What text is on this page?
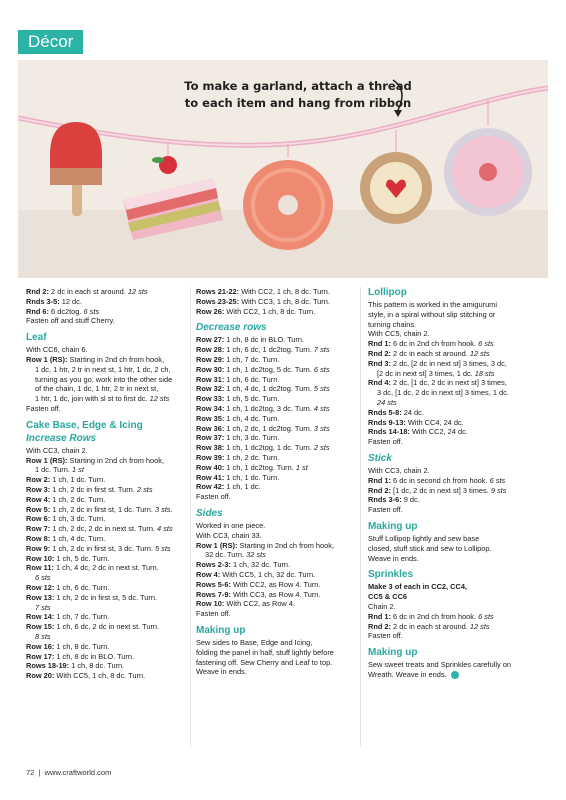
Décor
To make a garland, attach a thread
to each item and hang from ribbon

Rnd 2: 2 dc in each st around. 12 sts

Rnds 3-5: 12 dc.

Rnd 6: 6 dc2tog. 6 sts

Fasten off and stuff Cherry.

Leaf

With CC6, chain 6.

Row 1 (RS): Starting in 2nd ch from hook,

1 dc, 1 htr, 2 tr in next st, 1 htr, 1 dc, 2 ch,

turning as you go, work into the other side

of the chain, 1 dc, 1 htr, 2 tr in next st,

1 htr, 1 dc, join with sl st to first dc. 12 sts

Fasten off.

Cake Base, Edge & Icing
Increase Rows

With CC3, chain 2.

Row 1 (RS): Starting in 2nd ch from hook,

1 dc. Turn. 1 st

Row 2: 1 ch, 1 dc. Turn.

Row 3: 1 ch, 2 dc in first st. Turn. 2 sts

Row 4: 1 ch, 2 dc. Turn.

Row 5: 1 ch, 2 dc in first st, 1 dc. Turn. 3 sts.

Row 6: 1 ch, 3 dc. Turn.

Row 7: 1 ch, 2 dc, 2 dc in next st. Turn. 4 sts

Row 8: 1 ch, 4 dc. Turn.

Row 9: 1 ch, 2 dc in first st, 3 dc. Turn. 5 sts

Row 10: 1 ch, 5 dc. Turn.

Row 11: 1 ch, 4 dc, 2 dc in next st. Turn.

6 sts

Row 12: 1 ch, 6 dc. Turn.

Row 13: 1 ch, 2 dc in first st, 5 dc. Turn.

7 sts

Row 14: 1 ch, 7 dc. Turn.

Row 15: 1 ch, 6 dc, 2 dc in next st. Turn.

8 sts

Row 16: 1 ch, 8 dc. Turn.

Row 17: 1 ch, 8 dc in BLO. Turn.

Rows 18-19: 1 ch, 8 dc. Turn.

Row 20: With CC5, 1 ch, 8 dc. Turn.

Rows 21-22: With CC2, 1 ch, 8 dc. Turn.

Rows 23-25: With CC3, 1 ch, 8 dc. Turn.

Row 26: With CC2, 1 ch, 8 dc. Turn.

Decrease rows

Row 27: 1 ch, 8 dc in BLO. Turn.

Row 28: 1 ch, 6 dc, 1 dc2tog. Turn. 7 sts

Row 29: 1 ch, 7 dc. Turn.

Row 30: 1 ch, 1 dc2tog, 5 dc. Turn. 6 sts

Row 31: 1 ch, 6 dc. Turn.

Row 32: 1 ch, 4 dc, 1 dc2tog. Turn. 5 sts

Row 33: 1 ch, 5 dc. Turn.

Row 34: 1 ch, 1 dc2tog, 3 dc. Turn. 4 sts

Row 35: 1 ch, 4 dc. Turn.

Row 36: 1 ch, 2 dc, 1 dc2tog. Turn. 3 sts

Row 37: 1 ch, 3 dc. Turn.

Row 38: 1 ch, 1 dc2tog, 1 dc. Turn. 2 sts

Row 39: 1 ch, 2 dc. Turn.

Row 40: 1 ch, 1 dc2tog. Turn. 1 st

Row 41: 1 ch, 1 dc. Turn.

Row 42: 1 ch, 1 dc.

Fasten off.

Sides

Worked in one piece.

With CC3, chain 33.

Row 1 (RS): Starting in 2nd ch from hook,

32 dc. Turn. 32 sts

Rows 2-3: 1 ch, 32 dc. Turn.

Row 4: With CC5, 1 ch, 32 dc. Turn.

Rows 5-6: With CC2, as Row 4. Turn.

Rows 7-9: With CC3, as Row 4. Turn.

Row 10: With CC2, as Row 4.

Fasten off.

Making up

Sew sides to Base, Edge and Icing,

folding the panel in half, stuff lightly before

fastening off. Sew Cherry and Leaf to top.

Weave in ends.

Lollipop

This pattern is worked in the amigurumi

style, in a spiral without slip stitching or

turning chains.

With CC5, chain 2.

Rnd 1: 6 dc in 2nd ch from hook. 6 sts

Rnd 2: 2 dc in each st around. 12 sts

Rnd 3: 2 dc, [2 dc in next st] 3 times, 3 dc,

[2 dc in next st] 3 times, 1 dc. 18 sts

Rnd 4: 2 dc, [1 dc, 2 dc in next st] 3 times,

3 dc, [1 dc, 2 dc in next st] 3 times, 1 dc.

24 sts

Rnds 5-8: 24 dc.

Rnds 9-13: With CC4, 24 dc.

Rnds 14-18: With CC2, 24 dc.

Fasten off.

Stick

With CC3, chain 2.

Rnd 1: 6 dc in second ch from hook. 6 sts

Rnd 2: [1 dc, 2 dc in next st] 3 times. 9 sts

Rnds 3-6: 9 dc.

Fasten off.

Making up

Stuff Lollipop lightly and sew base

closed, stuff stick and sew to Lollipop.

Weave in ends.

Sprinkles

Make 3 of each in CC2, CC4,

CC5 & CC6

Chain 2.

Rnd 1: 6 dc in 2nd ch from hook. 6 sts

Rnd 2: 2 dc in each st around. 12 sts

Fasten off.

Making up

Sew sweet treats and Sprinkles carefully on

Wreath. Weave in ends.

72  |  www.craftworld.com
